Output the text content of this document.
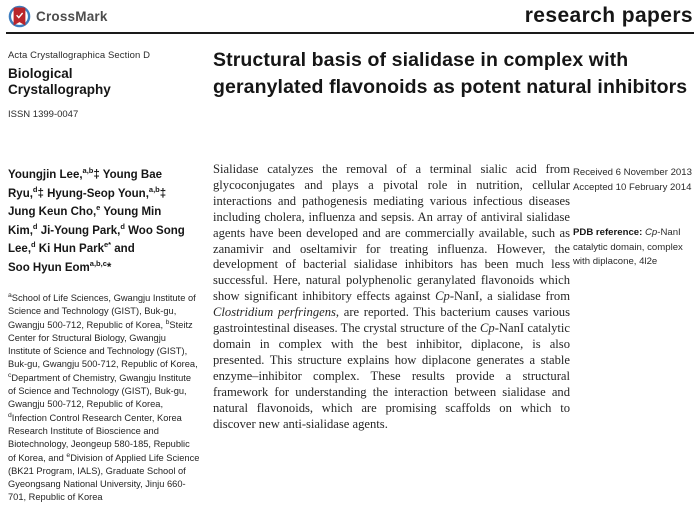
CrossMark	research papers
Acta Crystallographica Section D
Biological
Crystallography
ISSN 1399-0047
Youngjin Lee,$^{a,b}$‡ Young Bae
Ryu,$^d$‡ Hyung-Seop Youn,$^{a,b}$‡
Jung Keun Cho,$^e$ Young Min
Kim,$^d$ Ji-Young Park,$^d$ Woo Song
Lee,$^d$ Ki Hun Park$^{e*}$ and
Soo Hyun Eom$^{a,b,c}$*
$^a$School of Life Sciences, Gwangju Institute of Science and Technology (GIST), Buk-gu, Gwangju 500-712, Republic of Korea, $^b$Steitz Center for Structural Biology, Gwangju Institute of Science and Technology (GIST), Buk-gu, Gwangju 500-712, Republic of Korea, $^c$Department of Chemistry, Gwangju Institute of Science and Technology (GIST), Buk-gu, Gwangju 500-712, Republic of Korea, $^d$Infection Control Research Center, Korea Research Institute of Bioscience and Biotechnology, Jeongeup 580-185, Republic of Korea, and $^e$Division of Applied Life Science (BK21 Program, IALS), Graduate School of Gyeongsang National University, Jinju 660-701, Republic of Korea
Structural basis of sialidase in complex with
geranylated flavonoids as potent natural inhibitors
Sialidase catalyzes the removal of a terminal sialic acid from glycoconjugates and plays a pivotal role in nutrition, cellular interactions and pathogenesis mediating various infectious diseases including cholera, influenza and sepsis. An array of antiviral sialidase agents have been developed and are commercially available, such as zanamivir and oseltamivir for treating influenza. However, the development of bacterial sialidase inhibitors has been much less successful. Here, natural polyphenolic geranylated flavonoids which show significant inhibitory effects against Cp-NanI, a sialidase from Clostridium perfringens, are reported. This bacterium causes various gastrointestinal diseases. The crystal structure of the Cp-NanI catalytic domain in complex with the best inhibitor, diplacone, is also presented. This structure explains how diplacone generates a stable enzyme–inhibitor complex. These results provide a structural framework for understanding the interaction between sialidase and natural flavonoids, which are promising scaffolds on which to discover new anti-sialidase agents.
Received 6 November 2013
Accepted 10 February 2014
PDB reference: Cp-NanI catalytic domain, complex with diplacone, 4l2e
